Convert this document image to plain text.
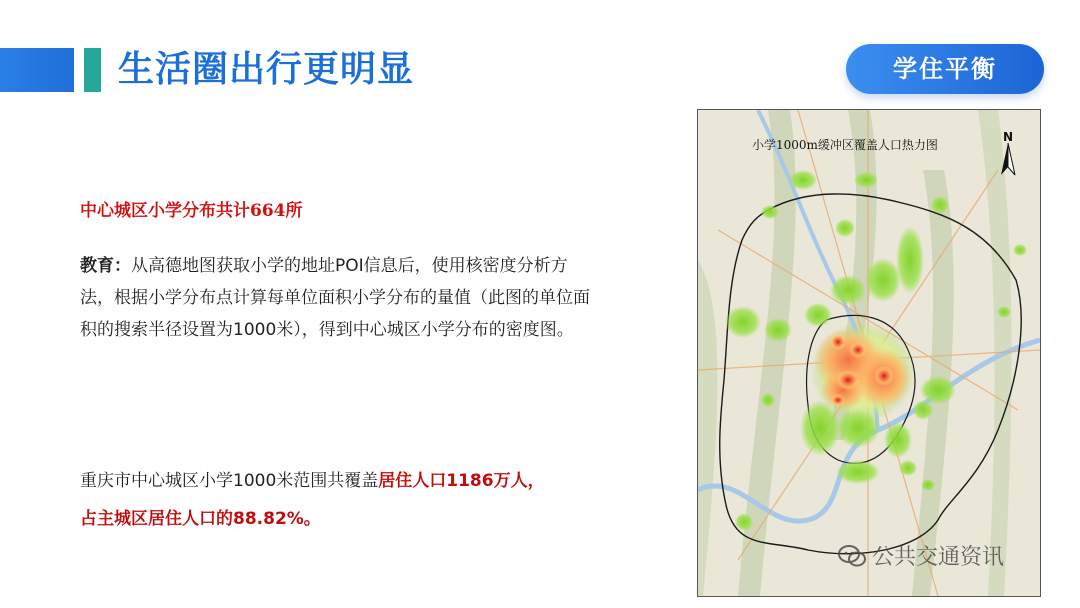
生活圈出行更明显	学住平衡
中心城区小学分布共计664所
教育：从高德地图获取小学的地址POI信息后，使用核密度分析方法，根据小学分布点计算每单位面积小学分布的量值（此图的单位面积的搜索半径设置为1000米），得到中心城区小学分布的密度图。
重庆市中心城区小学1000米范围共覆盖居住人口1186万人，
占主城区居住人口的88.82%。
小学1000m缓冲区覆盖人口热力图
N
公共交通资讯
